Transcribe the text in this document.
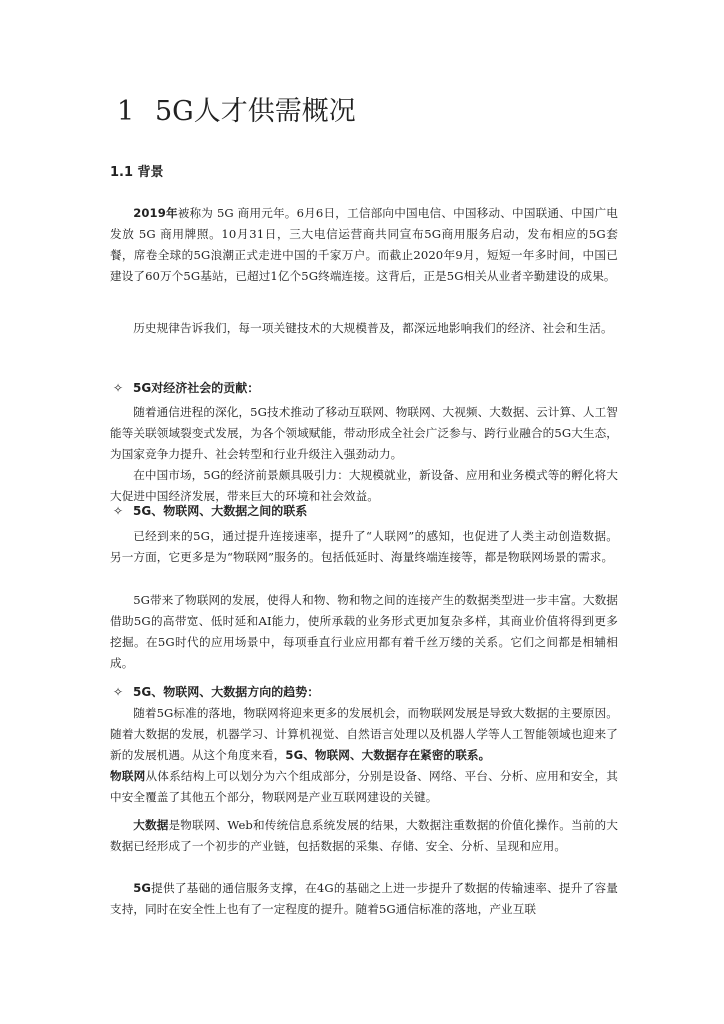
1 5G人才供需概况
1.1 背景

2019年被称为 5G 商用元年。6月6日，工信部向中国电信、中国移动、中国联通、中国广电发放 5G 商用牌照。10月31日，三大电信运营商共同宣布5G商用服务启动，发布相应的5G套餐，席卷全球的5G浪潮正式走进中国的千家万户。而截止2020年9月，短短一年多时间，中国已建设了60万个5G基站，已超过1亿个5G终端连接。这背后，正是5G相关从业者辛勤建设的成果。

历史规律告诉我们，每一项关键技术的大规模普及，都深远地影响我们的经济、社会和生活。

✧ 5G对经济社会的贡献：

随着通信进程的深化，5G技术推动了移动互联网、物联网、大视频、大数据、云计算、人工智能等关联领域裂变式发展，为各个领域赋能，带动形成全社会广泛参与、跨行业融合的5G大生态，为国家竞争力提升、社会转型和行业升级注入强劲动力。

在中国市场，5G的经济前景颇具吸引力：大规模就业，新设备、应用和业务模式等的孵化将大大促进中国经济发展，带来巨大的环境和社会效益。

✧ 5G、物联网、大数据之间的联系

已经到来的5G，通过提升连接速率，提升了“人联网”的感知，也促进了人类主动创造数据。另一方面，它更多是为“物联网”服务的。包括低延时、海量终端连接等，都是物联网场景的需求。

5G带来了物联网的发展，使得人和物、物和物之间的连接产生的数据类型进一步丰富。大数据借助5G的高带宽、低时延和AI能力，使所承载的业务形式更加复杂多样，其商业价值将得到更多挖掘。在5G时代的应用场景中，每项垂直行业应用都有着千丝万缕的关系。它们之间都是相辅相成。

✧ 5G、物联网、大数据方向的趋势：

随着5G标准的落地，物联网将迎来更多的发展机会，而物联网发展是导致大数据的主要原因。随着大数据的发展，机器学习、计算机视觉、自然语言处理以及机器人学等人工智能领域也迎来了新的发展机遇。从这个角度来看，5G、物联网、大数据存在紧密的联系。

物联网从体系结构上可以划分为六个组成部分，分别是设备、网络、平台、分析、应用和安全，其中安全覆盖了其他五个部分，物联网是产业互联网建设的关键。

大数据是物联网、Web和传统信息系统发展的结果，大数据注重数据的价值化操作。当前的大数据已经形成了一个初步的产业链，包括数据的采集、存储、安全、分析、呈现和应用。

5G提供了基础的通信服务支撑，在4G的基础之上进一步提升了数据的传输速率、提升了容量支持，同时在安全性上也有了一定程度的提升。随着5G通信标准的落地，产业互联
